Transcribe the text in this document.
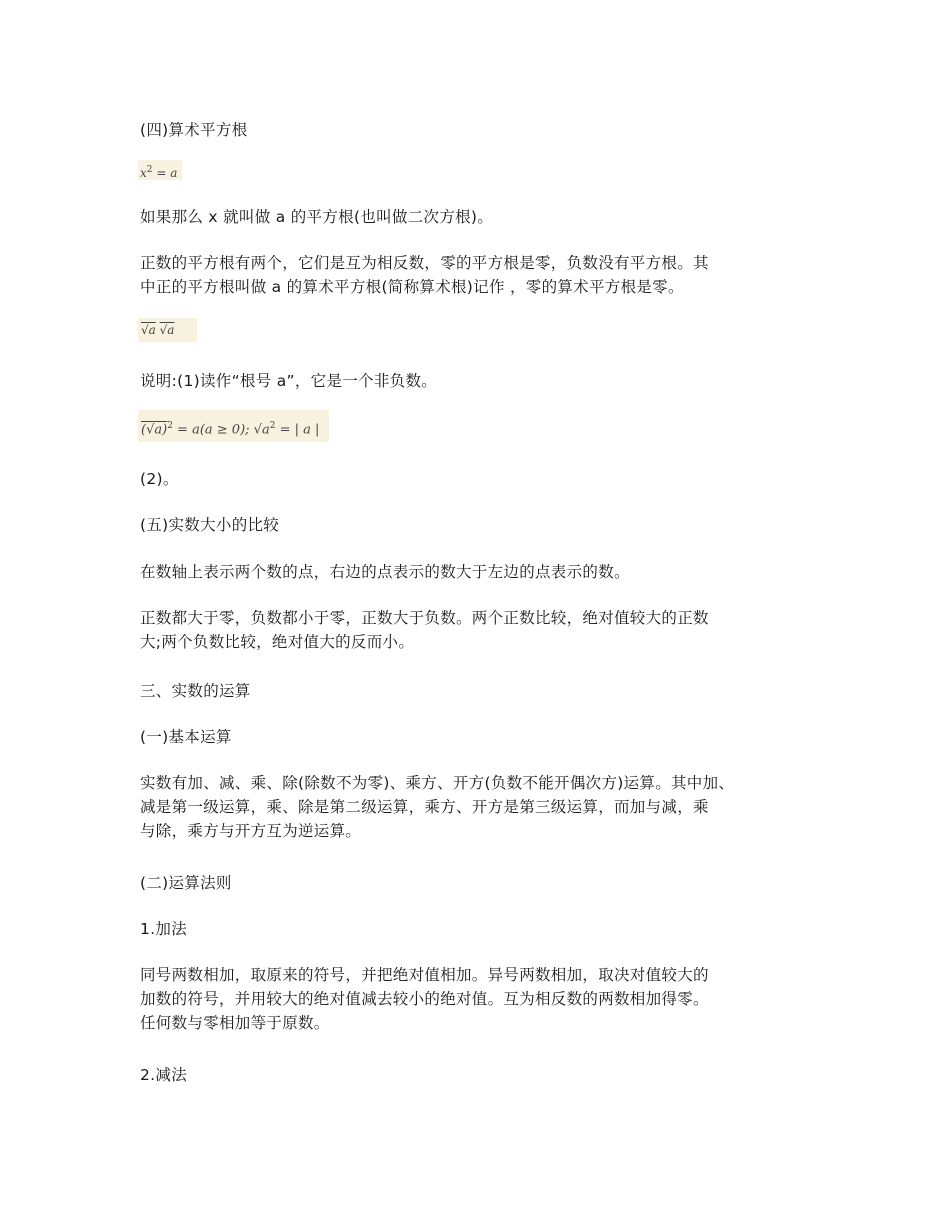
(四)算术平方根
$x^2 = a$
如果那么 x 就叫做 a 的平方根(也叫做二次方根)。
正数的平方根有两个，它们是互为相反数，零的平方根是零，负数没有平方根。其
中正的平方根叫做 a 的算术平方根(简称算术根)记作 ，零的算术平方根是零。
√a √a
说明:(1)读作“根号 a”，它是一个非负数。
$(√a)^2 = a(a \ge 0)$; $√a^2$ = | a |
(2)。
(五)实数大小的比较
在数轴上表示两个数的点，右边的点表示的数大于左边的点表示的数。
正数都大于零，负数都小于零，正数大于负数。两个正数比较，绝对值较大的正数
大;两个负数比较，绝对值大的反而小。
三、实数的运算
(一)基本运算
实数有加、减、乘、除(除数不为零)、乘方、开方(负数不能开偶次方)运算。其中加、
减是第一级运算，乘、除是第二级运算，乘方、开方是第三级运算，而加与减，乘
与除，乘方与开方互为逆运算。
(二)运算法则
1.加法
同号两数相加，取原来的符号，并把绝对值相加。异号两数相加，取决对值较大的
加数的符号，并用较大的绝对值减去较小的绝对值。互为相反数的两数相加得零。
任何数与零相加等于原数。
2.减法
